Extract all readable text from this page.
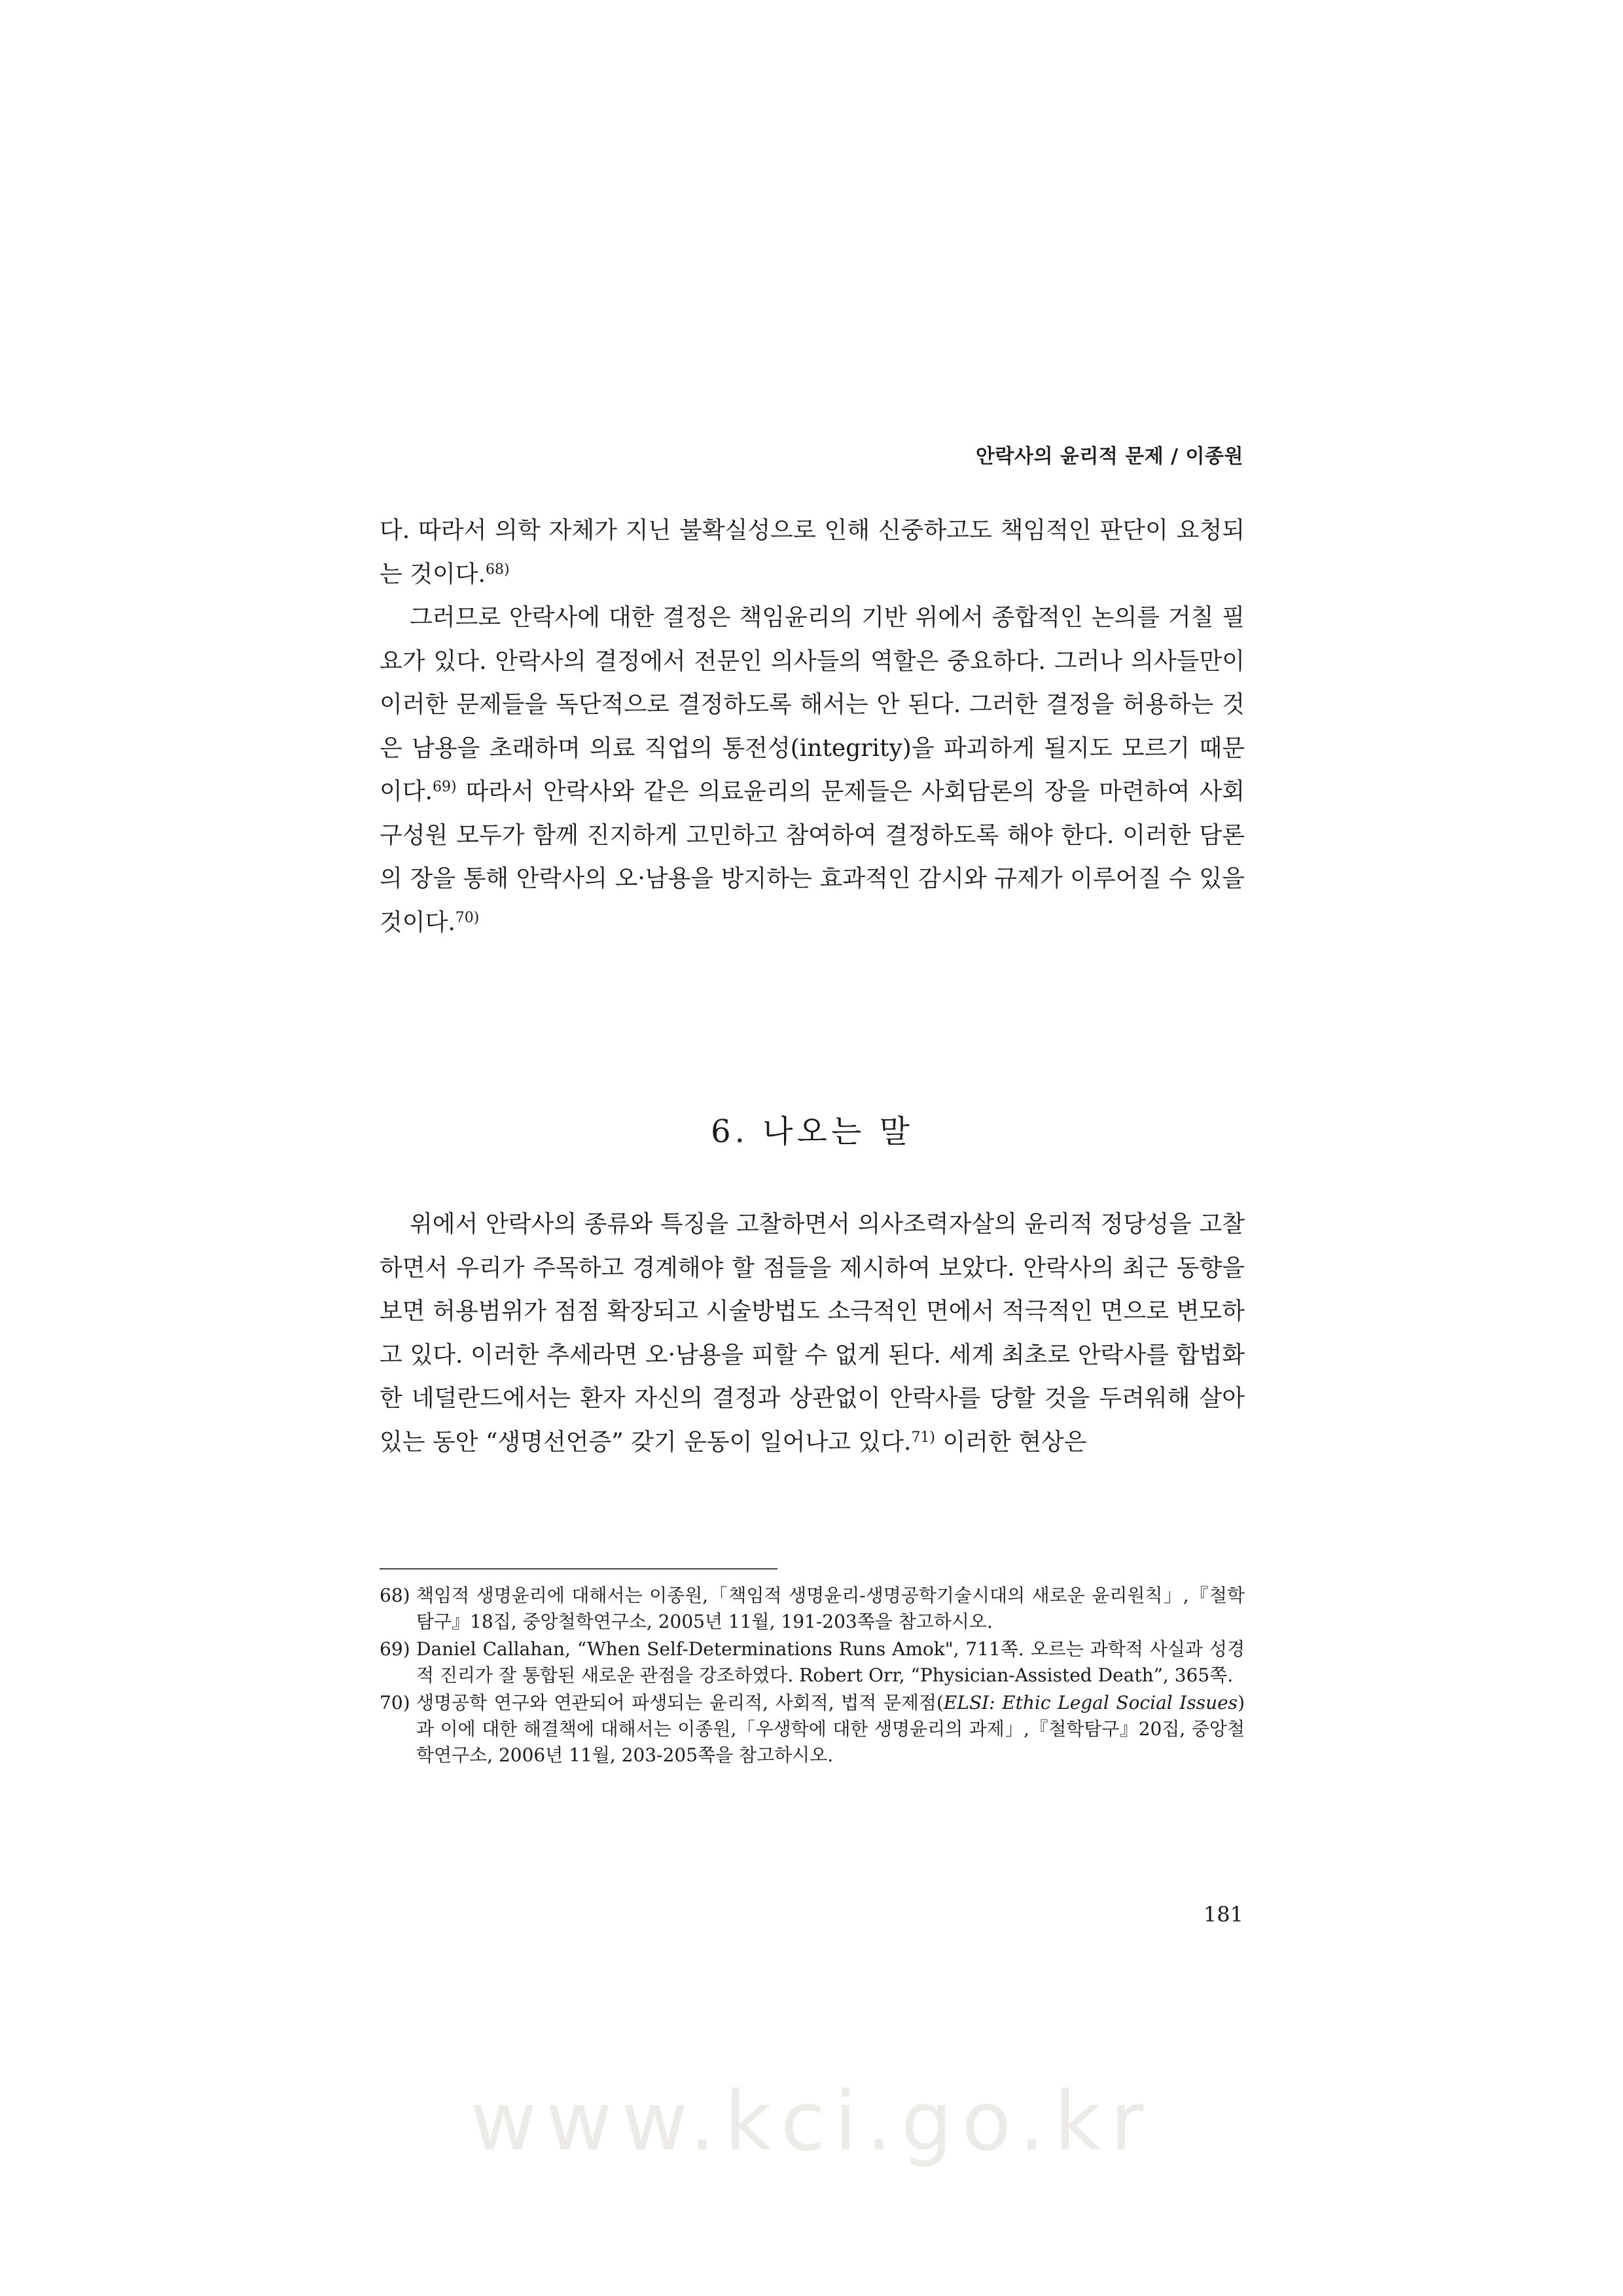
안락사의 윤리적 문제 / 이종원

다. 따라서 의학 자체가 지닌 불확실성으로 인해 신중하고도 책임적인 판단이 요청되는 것이다.$^{68)}$

그러므로 안락사에 대한 결정은 책임윤리의 기반 위에서 종합적인 논의를 거칠 필요가 있다. 안락사의 결정에서 전문인 의사들의 역할은 중요하다. 그러나 의사들만이 이러한 문제들을 독단적으로 결정하도록 해서는 안 된다. 그러한 결정을 허용하는 것은 남용을 초래하며 의료 직업의 통전성(integrity)을 파괴하게 될지도 모르기 때문이다.$^{69)}$ 따라서 안락사와 같은 의료윤리의 문제들은 사회담론의 장을 마련하여 사회 구성원 모두가 함께 진지하게 고민하고 참여하여 결정하도록 해야 한다. 이러한 담론의 장을 통해 안락사의 오·남용을 방지하는 효과적인 감시와 규제가 이루어질 수 있을 것이다.$^{70)}$

6. 나오는 말

위에서 안락사의 종류와 특징을 고찰하면서 의사조력자살의 윤리적 정당성을 고찰하면서 우리가 주목하고 경계해야 할 점들을 제시하여 보았다. 안락사의 최근 동향을 보면 허용범위가 점점 확장되고 시술방법도 소극적인 면에서 적극적인 면으로 변모하고 있다. 이러한 추세라면 오·남용을 피할 수 없게 된다. 세계 최초로 안락사를 합법화한 네덜란드에서는 환자 자신의 결정과 상관없이 안락사를 당할 것을 두려워해 살아있는 동안 “생명선언증” 갖기 운동이 일어나고 있다.$^{71)}$ 이러한 현상은

68) 책임적 생명윤리에 대해서는 이종원,「책임적 생명윤리-생명공학기술시대의 새로운 윤리원칙」,『철학탐구』18집, 중앙철학연구소, 2005년 11월, 191-203쪽을 참고하시오.
69) Daniel Callahan, “When Self-Determinations Runs Amok", 711쪽. 오르는 과학적 사실과 성경적 진리가 잘 통합된 새로운 관점을 강조하였다. Robert Orr, “Physician-Assisted Death”, 365쪽.
70) 생명공학 연구와 연관되어 파생되는 윤리적, 사회적, 법적 문제점(ELSI: Ethic Legal Social Issues)과 이에 대한 해결책에 대해서는 이종원,「우생학에 대한 생명윤리의 과제」,『철학탐구』20집, 중앙철학연구소, 2006년 11월, 203-205쪽을 참고하시오.
181
www.kci.go.kr
